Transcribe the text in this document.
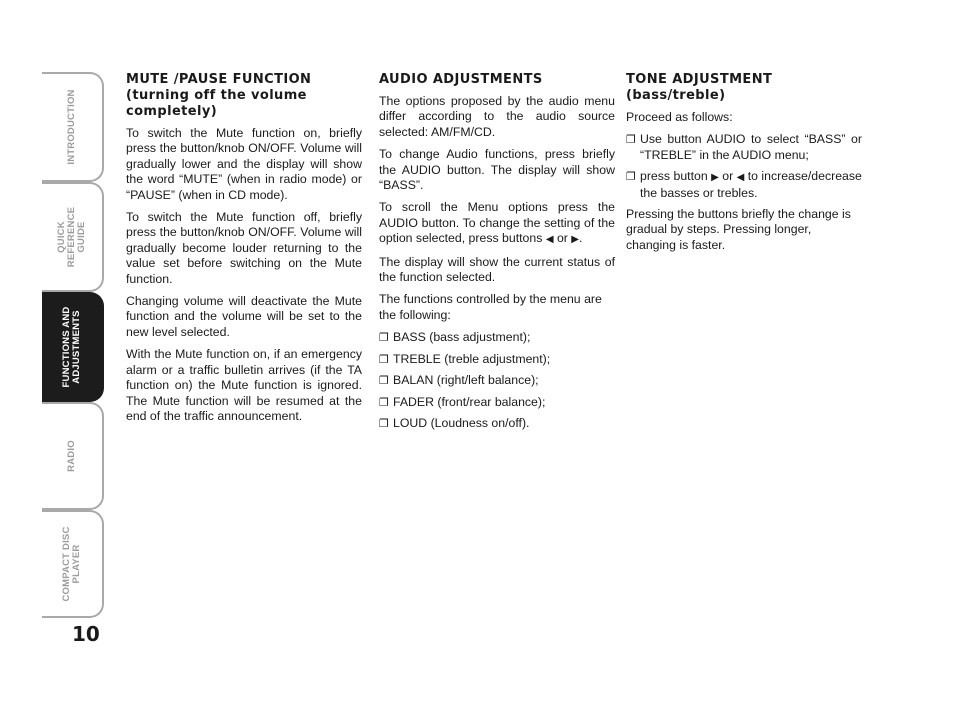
INTRODUCTION
QUICK REFERENCE GUIDE
FUNCTIONS AND ADJUSTMENTS
RADIO
COMPACT DISC PLAYER
10
MUTE /PAUSE FUNCTION
(turning off the volume
completely)

To switch the Mute function on, briefly press the button/knob ON/OFF. Volume will gradually lower and the display will show the word “MUTE” (when in radio mode) or “PAUSE” (when in CD mode).

To switch the Mute function off, briefly press the button/knob ON/OFF. Volume will gradually become louder returning to the value set before switching on the Mute function.

Changing volume will deactivate the Mute function and the volume will be set to the new level selected.

With the Mute function on, if an emergency alarm or a traffic bulletin arrives (if the TA function on) the Mute function is ignored. The Mute function will be resumed at the end of the traffic announcement.

AUDIO ADJUSTMENTS

The options proposed by the audio menu differ according to the audio source selected: AM/FM/CD.

To change Audio functions, press briefly the AUDIO button. The display will show “BASS”.

To scroll the Menu options press the AUDIO button. To change the setting of the option selected, press buttons ◀ or ▶.

The display will show the current status of the function selected.

The functions controlled by the menu are the following:

❐ BASS (bass adjustment);
❐ TREBLE (treble adjustment);
❐ BALAN (right/left balance);
❐ FADER (front/rear balance);
❐ LOUD (Loudness on/off).
TONE ADJUSTMENT
(bass/treble)

Proceed as follows:

❐ Use button AUDIO to select “BASS” or “TREBLE” in the AUDIO menu;
❐ press button ▶ or ◀ to increase/decrease the basses or trebles.

Pressing the buttons briefly the change is gradual by steps. Pressing longer, changing is faster.
